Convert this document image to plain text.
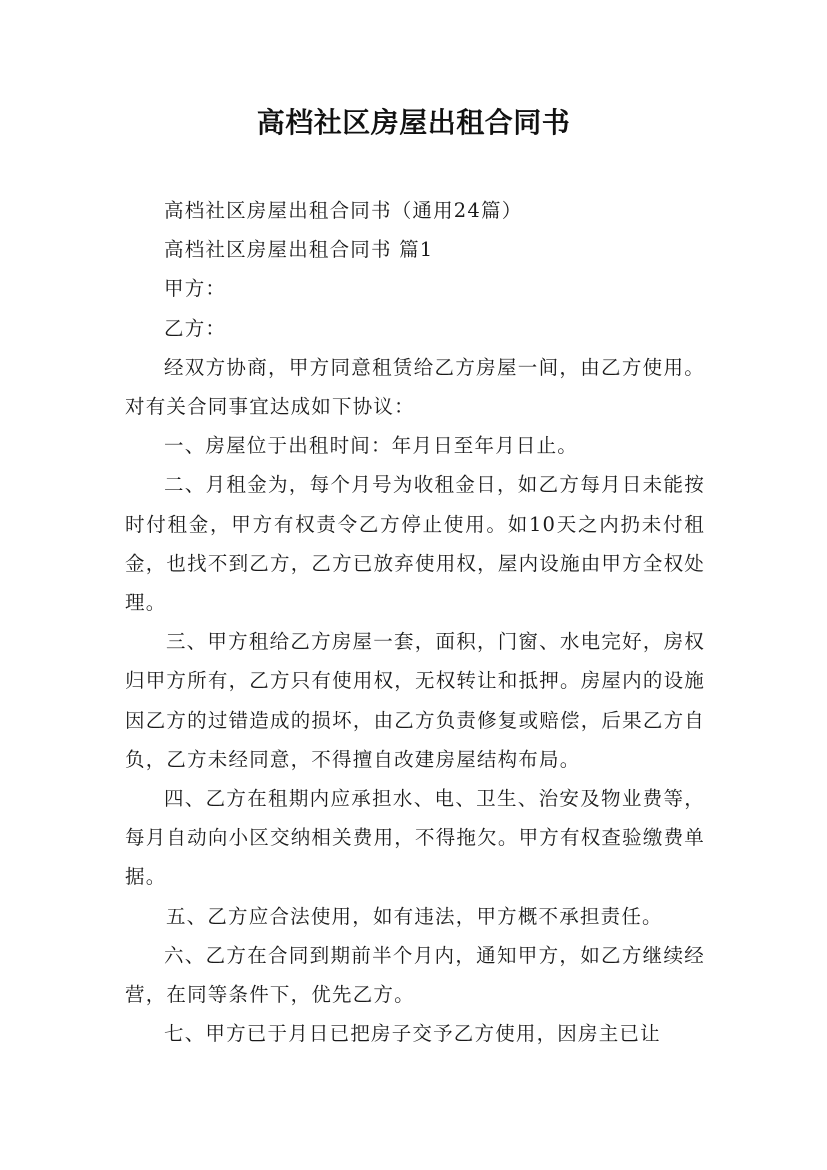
高档社区房屋出租合同书

高档社区房屋出租合同书（通用24篇）

高档社区房屋出租合同书 篇1

甲方：

乙方：

经双方协商，甲方同意租赁给乙方房屋一间，由乙方使用。对有关合同事宜达成如下协议：

一、房屋位于出租时间：年月日至年月日止。

二、月租金为，每个月号为收租金日，如乙方每月日未能按时付租金，甲方有权责令乙方停止使用。如10天之内扔未付租金，也找不到乙方，乙方已放弃使用权，屋内设施由甲方全权处理。

三、甲方租给乙方房屋一套，面积，门窗、水电完好，房权归甲方所有，乙方只有使用权，无权转让和抵押。房屋内的设施因乙方的过错造成的损坏，由乙方负责修复或赔偿，后果乙方自负，乙方未经同意，不得擅自改建房屋结构布局。

四、乙方在租期内应承担水、电、卫生、治安及物业费等，每月自动向小区交纳相关费用，不得拖欠。甲方有权查验缴费单据。

五、乙方应合法使用，如有违法，甲方概不承担责任。

六、乙方在合同到期前半个月内，通知甲方，如乙方继续经营，在同等条件下，优先乙方。

七、甲方已于月日已把房子交予乙方使用，因房主已让
